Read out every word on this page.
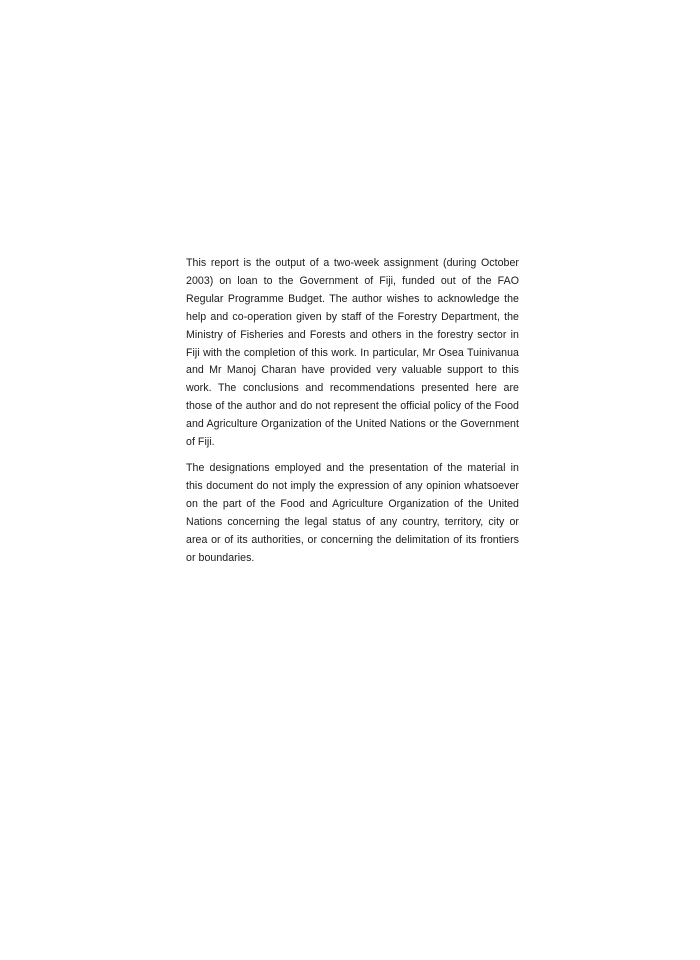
This report is the output of a two-week assignment (during October 2003) on loan to the Government of Fiji, funded out of the FAO Regular Programme Budget. The author wishes to acknowledge the help and co-operation given by staff of the Forestry Department, the Ministry of Fisheries and Forests and others in the forestry sector in Fiji with the completion of this work. In particular, Mr Osea Tuinivanua and Mr Manoj Charan have provided very valuable support to this work. The conclusions and recommendations presented here are those of the author and do not represent the official policy of the Food and Agriculture Organization of the United Nations or the Government of Fiji.

The designations employed and the presentation of the material in this document do not imply the expression of any opinion whatsoever on the part of the Food and Agriculture Organization of the United Nations concerning the legal status of any country, territory, city or area or of its authorities, or concerning the delimitation of its frontiers or boundaries.
